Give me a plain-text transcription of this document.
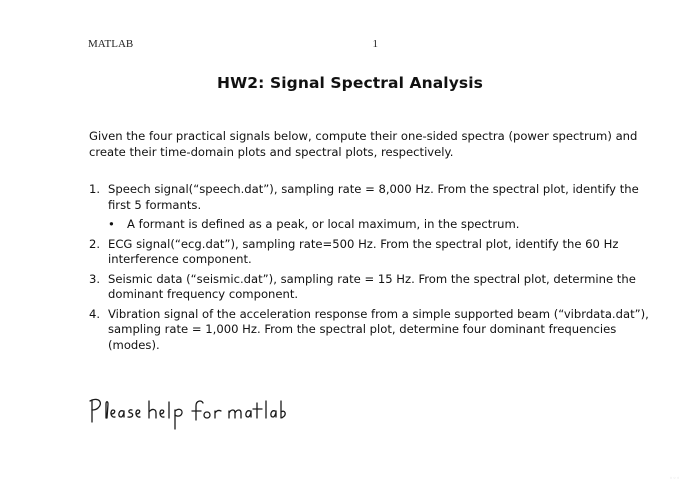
MATLAB	1
HW2: Signal Spectral Analysis
Given the four practical signals below, compute their one-sided spectra (power spectrum) and create their time-domain plots and spectral plots, respectively.
1. Speech signal(“speech.dat”), sampling rate = 8,000 Hz. From the spectral plot, identify the first 5 formants.
• A formant is defined as a peak, or local maximum, in the spectrum.
2. ECG signal(“ecg.dat”), sampling rate=500 Hz. From the spectral plot, identify the 60 Hz interference component.
3. Seismic data (“seismic.dat”), sampling rate = 15 Hz. From the spectral plot, determine the dominant frequency component.
4. Vibration signal of the acceleration response from a simple supported beam (“vibrdata.dat”), sampling rate = 1,000 Hz. From the spectral plot, determine four dominant frequencies (modes).
◦◦◦
